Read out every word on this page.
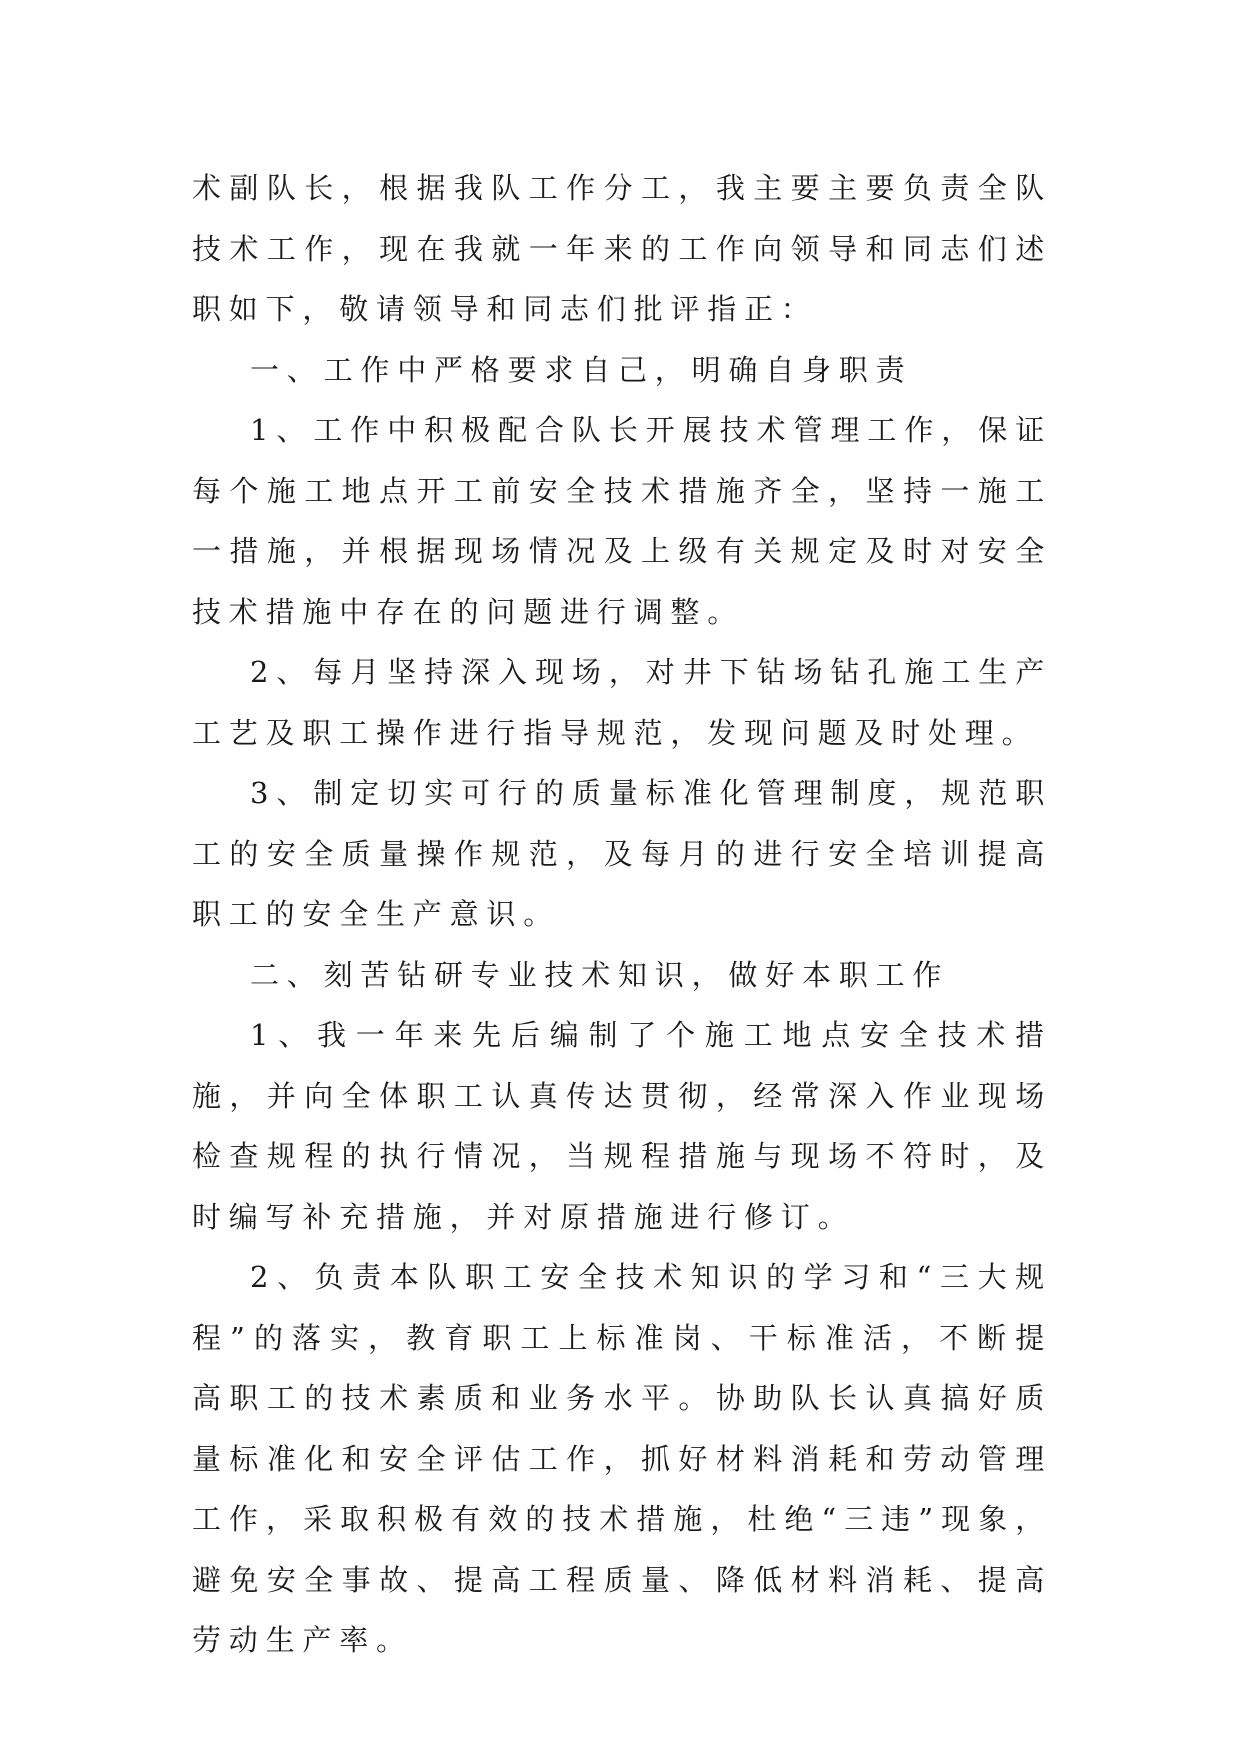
术副队长，根据我队工作分工，我主要主要负责全队技术工作，现在我就一年来的工作向领导和同志们述职如下，敬请领导和同志们批评指正：

一、工作中严格要求自己，明确自身职责

1、工作中积极配合队长开展技术管理工作，保证每个施工地点开工前安全技术措施齐全，坚持一施工一措施，并根据现场情况及上级有关规定及时对安全技术措施中存在的问题进行调整。

2、每月坚持深入现场，对井下钻场钻孔施工生产工艺及职工操作进行指导规范，发现问题及时处理。

3、制定切实可行的质量标准化管理制度，规范职工的安全质量操作规范，及每月的进行安全培训提高职工的安全生产意识。

二、刻苦钻研专业技术知识，做好本职工作

1、我一年来先后编制了个施工地点安全技术措施，并向全体职工认真传达贯彻，经常深入作业现场检查规程的执行情况，当规程措施与现场不符时，及时编写补充措施，并对原措施进行修订。

2、负责本队职工安全技术知识的学习和“三大规程”的落实，教育职工上标准岗、干标准活，不断提高职工的技术素质和业务水平。协助队长认真搞好质量标准化和安全评估工作，抓好材料消耗和劳动管理工作，采取积极有效的技术措施，杜绝“三违”现象，避免安全事故、提高工程质量、降低材料消耗、提高劳动生产率。
